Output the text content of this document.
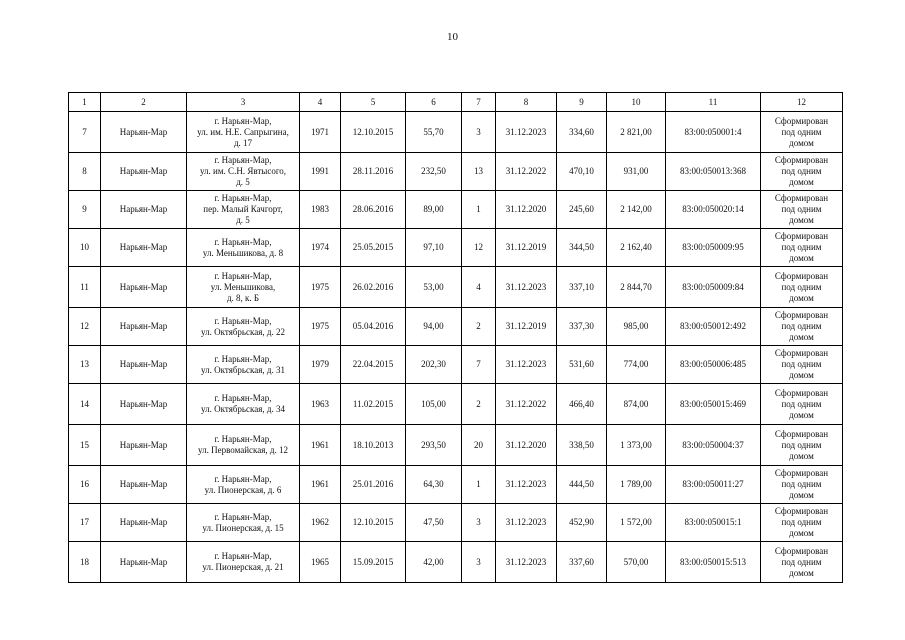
10
1	2	3	4	5	6	7	8	9	10	11	12
7	Нарьян-Мар	г. Нарьян-Мар,
ул. им. Н.Е. Сапрыгина,
д. 17	1971	12.10.2015	55,70	3	31.12.2023	334,60	2 821,00	83:00:050001:4	Сформирован
под одним
домом
8	Нарьян-Мар	г. Нарьян-Мар,
ул. им. С.Н. Явтысого,
д. 5	1991	28.11.2016	232,50	13	31.12.2022	470,10	931,00	83:00:050013:368	Сформирован
под одним
домом
9	Нарьян-Мар	г. Нарьян-Мар,
пер. Малый Качгорт,
д. 5	1983	28.06.2016	89,00	1	31.12.2020	245,60	2 142,00	83:00:050020:14	Сформирован
под одним
домом
10	Нарьян-Мар	г. Нарьян-Мар,
ул. Меньшикова, д. 8	1974	25.05.2015	97,10	12	31.12.2019	344,50	2 162,40	83:00:050009:95	Сформирован
под одним
домом
11	Нарьян-Мар	г. Нарьян-Мар,
ул. Меньшикова,
д. 8, к. Б	1975	26.02.2016	53,00	4	31.12.2023	337,10	2 844,70	83:00:050009:84	Сформирован
под одним
домом
12	Нарьян-Мар	г. Нарьян-Мар,
ул. Октябрьская, д. 22	1975	05.04.2016	94,00	2	31.12.2019	337,30	985,00	83:00:050012:492	Сформирован
под одним
домом
13	Нарьян-Мар	г. Нарьян-Мар,
ул. Октябрьская, д. 31	1979	22.04.2015	202,30	7	31.12.2023	531,60	774,00	83:00:050006:485	Сформирован
под одним
домом
14	Нарьян-Мар	г. Нарьян-Мар,
ул. Октябрьская, д. 34	1963	11.02.2015	105,00	2	31.12.2022	466,40	874,00	83:00:050015:469	Сформирован
под одним
домом
15	Нарьян-Мар	г. Нарьян-Мар,
ул. Первомайская, д. 12	1961	18.10.2013	293,50	20	31.12.2020	338,50	1 373,00	83:00:050004:37	Сформирован
под одним
домом
16	Нарьян-Мар	г. Нарьян-Мар,
ул. Пионерская, д. 6	1961	25.01.2016	64,30	1	31.12.2023	444,50	1 789,00	83:00:050011:27	Сформирован
под одним
домом
17	Нарьян-Мар	г. Нарьян-Мар,
ул. Пионерская, д. 15	1962	12.10.2015	47,50	3	31.12.2023	452,90	1 572,00	83:00:050015:1	Сформирован
под одним
домом
18	Нарьян-Мар	г. Нарьян-Мар,
ул. Пионерская, д. 21	1965	15.09.2015	42,00	3	31.12.2023	337,60	570,00	83:00:050015:513	Сформирован
под одним
домом
